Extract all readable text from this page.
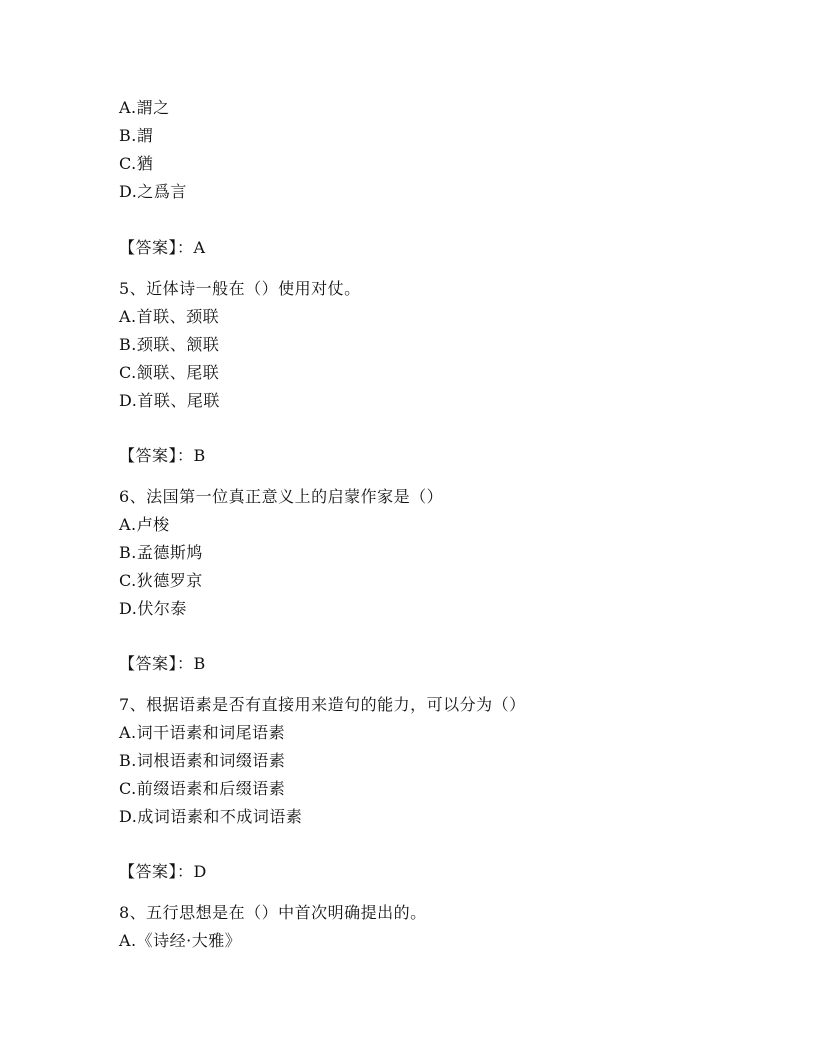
A.謂之
B.謂
C.猶
D.之爲言
【答案】：A
5、近体诗一般在（）使用对仗。
A.首联、颈联
B.颈联、颔联
C.颔联、尾联
D.首联、尾联
【答案】：B
6、法国第一位真正意义上的启蒙作家是（）
A.卢梭
B.孟德斯鸠
C.狄德罗京
D.伏尔泰
【答案】：B
7、根据语素是否有直接用来造句的能力，可以分为（）
A.词干语素和词尾语素
B.词根语素和词缀语素
C.前缀语素和后缀语素
D.成词语素和不成词语素
【答案】：D
8、五行思想是在（）中首次明确提出的。
A.《诗经·大雅》
